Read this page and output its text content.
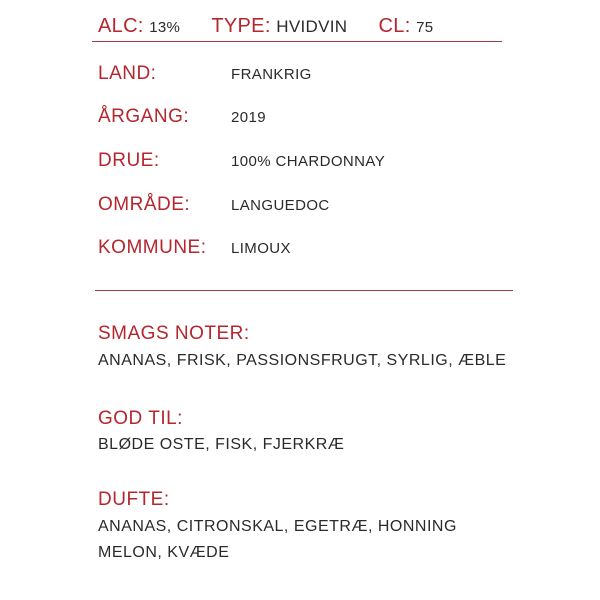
ALC: 13% TYPE: HVIDVIN CL: 75
LAND:	FRANKRIG
ÅRGANG:	2019
DRUE:	100% CHARDONNAY
OMRÅDE:	LANGUEDOC
KOMMUNE: LIMOUX
SMAGS NOTER:
ANANAS, FRISK, PASSIONSFRUGT, SYRLIG, ÆBLE
GOD TIL:
BLØDE OSTE, FISK, FJERKRÆ
DUFTE:
ANANAS, CITRONSKAL, EGETRÆ, HONNING
MELON, KVÆDE
